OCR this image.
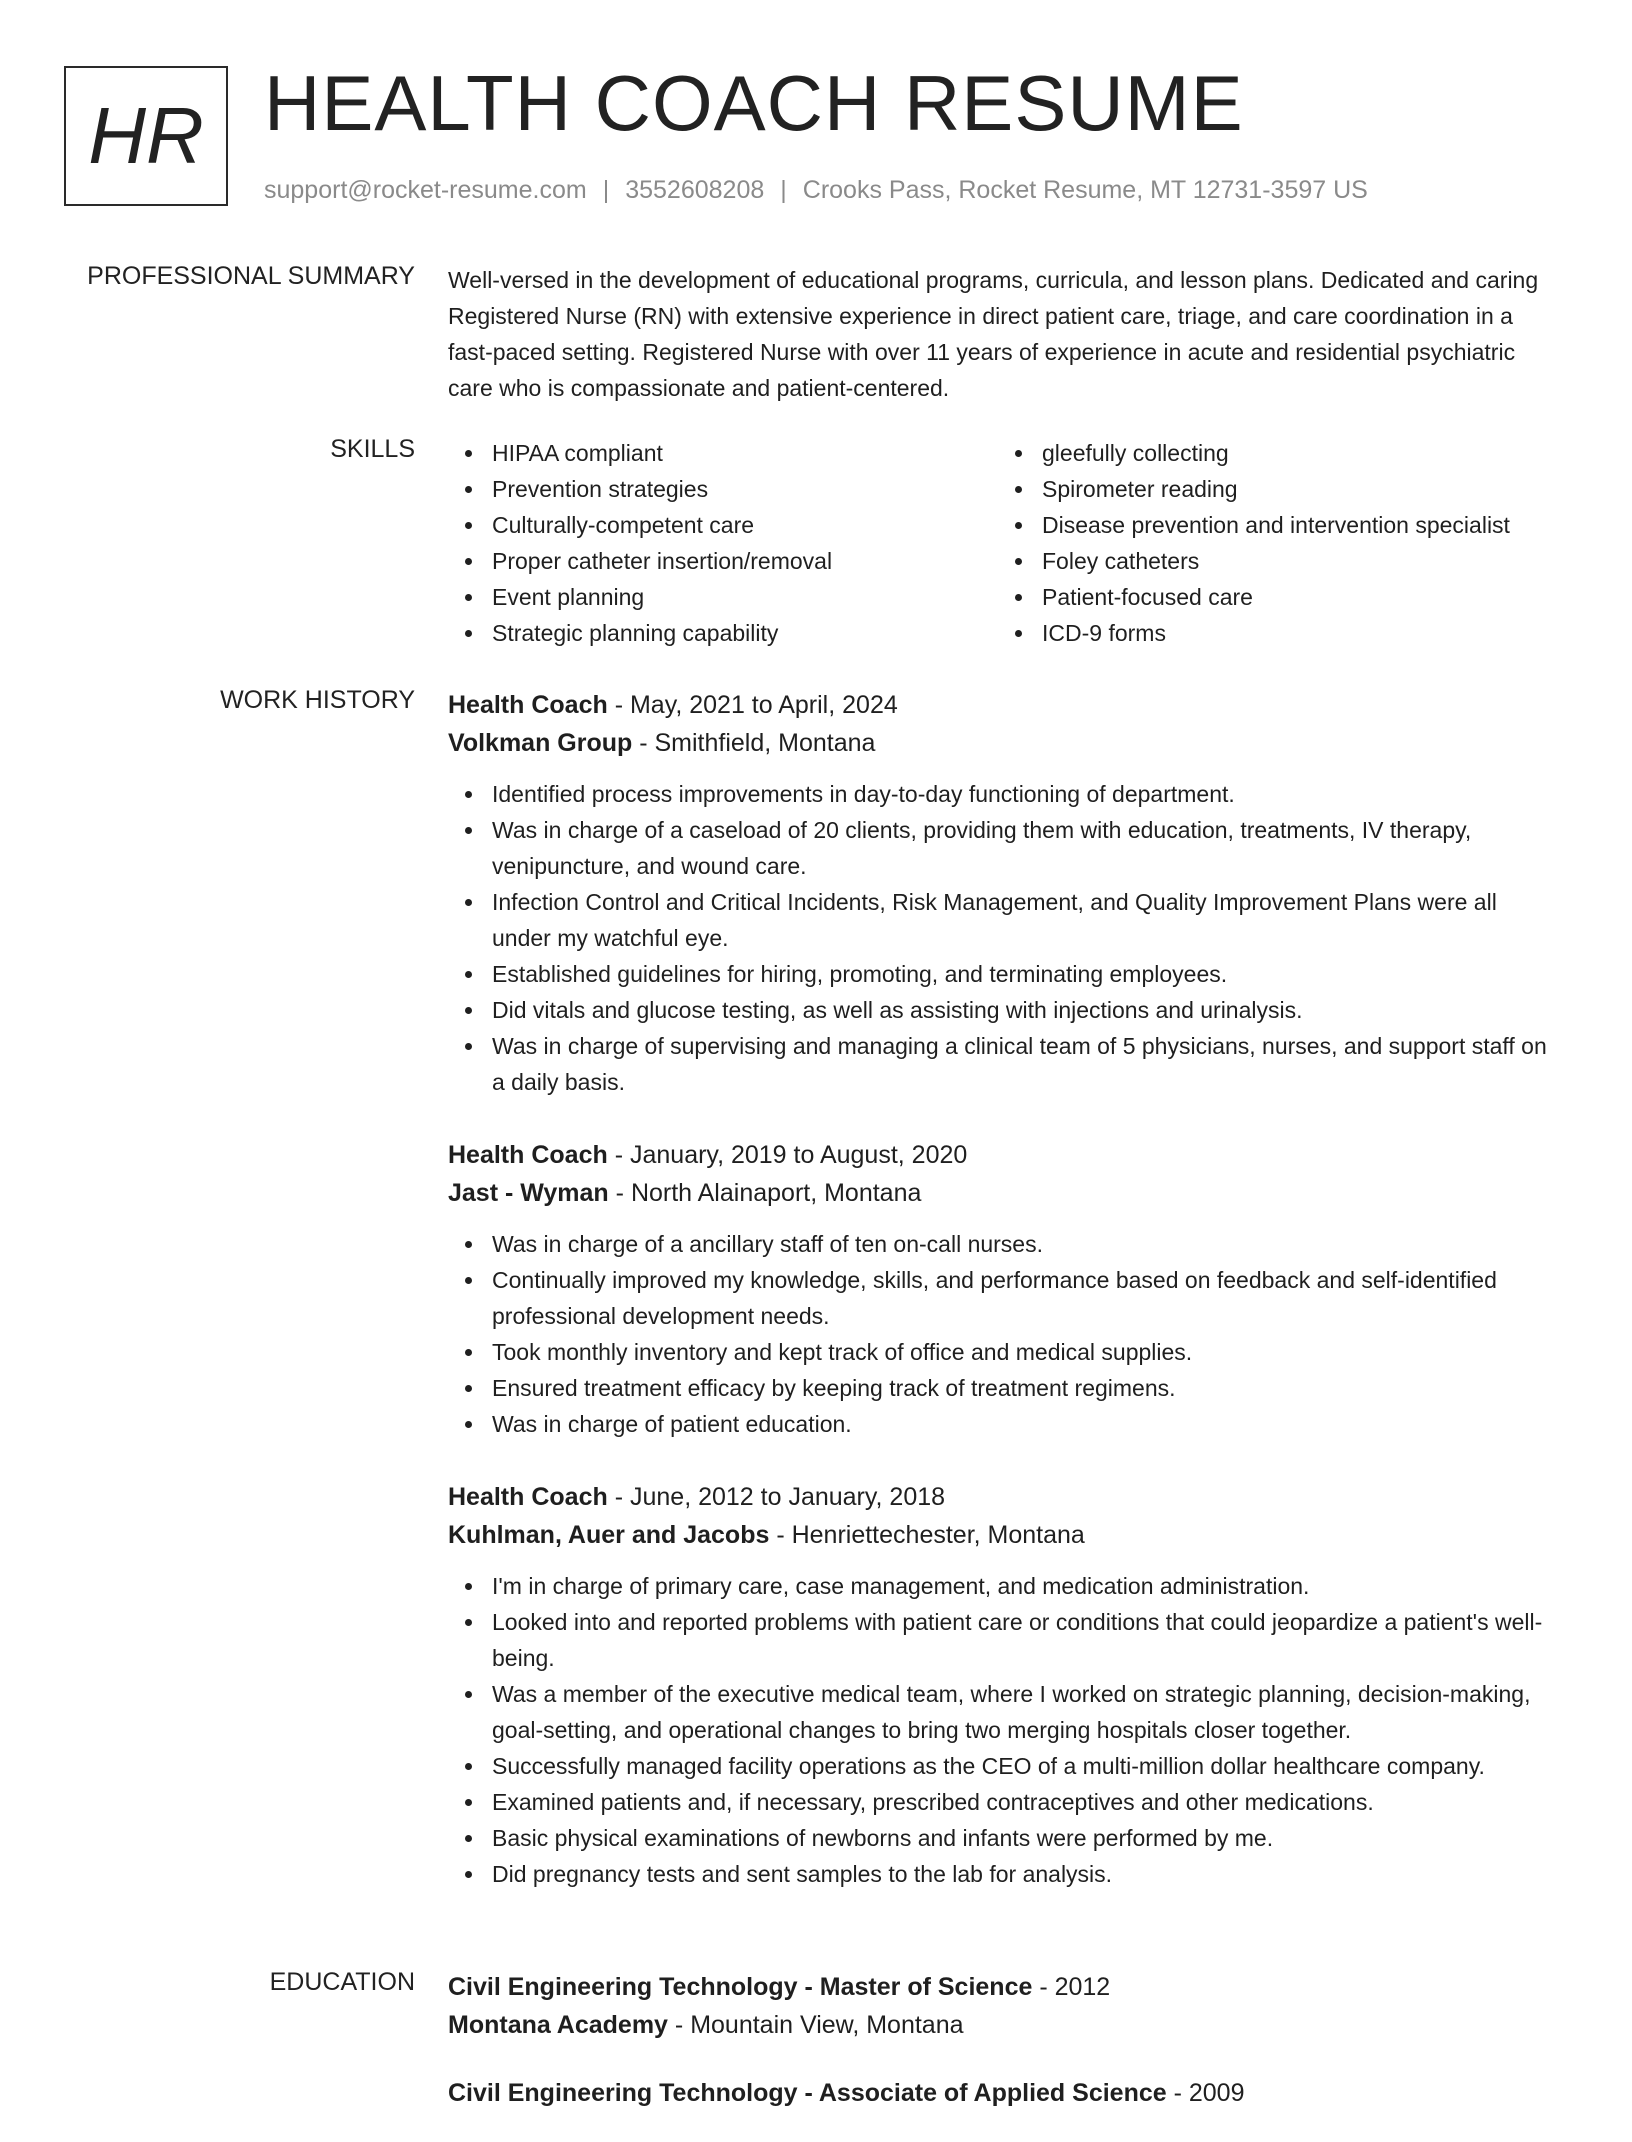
HR HEALTH COACH RESUME
support@rocket-resume.com | 3552608208 | Crooks Pass, Rocket Resume, MT 12731-3597 US
PROFESSIONAL SUMMARY Well-versed in the development of educational programs, curricula, and lesson plans. Dedicated and caring Registered Nurse (RN) with extensive experience in direct patient care, triage, and care coordination in a fast-paced setting. Registered Nurse with over 11 years of experience in acute and residential psychiatric care who is compassionate and patient-centered.

SKILLS	HIPAA compliant
Prevention strategies
Culturally-competent care
Proper catheter insertion/removal
Event planning
Strategic planning capability
gleefully collecting
Spirometer reading
Disease prevention and intervention specialist
Foley catheters
Patient-focused care
ICD-9 forms
WORK HISTORY Health Coach - May, 2021 to April, 2024
Volkman Group - Smithfield, Montana
Identified process improvements in day-to-day functioning of department.
Was in charge of a caseload of 20 clients, providing them with education, treatments, IV therapy, venipuncture, and wound care.
Infection Control and Critical Incidents, Risk Management, and Quality Improvement Plans were all under my watchful eye.
Established guidelines for hiring, promoting, and terminating employees.
Did vitals and glucose testing, as well as assisting with injections and urinalysis.
Was in charge of supervising and managing a clinical team of 5 physicians, nurses, and support staff on a daily basis.
Health Coach - January, 2019 to August, 2020
Jast - Wyman - North Alainaport, Montana
Was in charge of a ancillary staff of ten on-call nurses.
Continually improved my knowledge, skills, and performance based on feedback and self-identified professional development needs.
Took monthly inventory and kept track of office and medical supplies.
Ensured treatment efficacy by keeping track of treatment regimens.
Was in charge of patient education.
Health Coach - June, 2012 to January, 2018
Kuhlman, Auer and Jacobs - Henriettechester, Montana
I'm in charge of primary care, case management, and medication administration.
Looked into and reported problems with patient care or conditions that could jeopardize a patient's well-being.
Was a member of the executive medical team, where I worked on strategic planning, decision-making, goal-setting, and operational changes to bring two merging hospitals closer together.
Successfully managed facility operations as the CEO of a multi-million dollar healthcare company.
Examined patients and, if necessary, prescribed contraceptives and other medications.
Basic physical examinations of newborns and infants were performed by me.
Did pregnancy tests and sent samples to the lab for analysis.
EDUCATION Civil Engineering Technology - Master of Science - 2012
Montana Academy - Mountain View, Montana
Civil Engineering Technology - Associate of Applied Science - 2009
